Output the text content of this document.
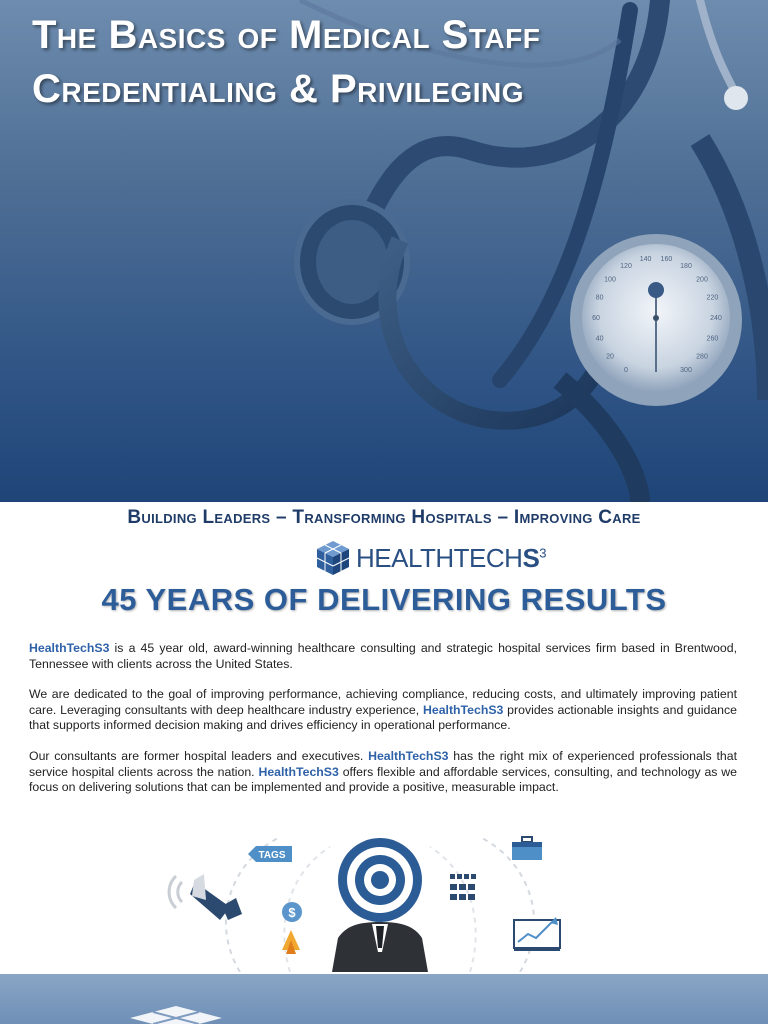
0
20
40
60
80
100
120
140 160
180
200
220
240
260
280
300
The Basics of Medical Staff
Credentialing & Privileging
Building Leaders – Transforming Hospitals – Improving Care
HEALTHTECHS$^3$
45 YEARS OF DELIVERING RESULTS

HealthTechS3 is a 45 year old, award-winning healthcare consulting and strategic hospital services firm based in Brentwood, Tennessee with clients across the United States.

We are dedicated to the goal of improving performance, achieving compliance, reducing costs, and ultimately improving patient care. Leveraging consultants with deep healthcare industry experience, HealthTechS3 provides actionable insights and guidance that supports informed decision making and drives efficiency in operational performance.

Our consultants are former hospital leaders and executives. HealthTechS3 has the right mix of experienced professionals that service hospital clients across the nation. HealthTechS3 offers flexible and affordable services, consulting, and technology as we focus on delivering solutions that can be implemented and provide a positive, measurable impact.

TAGS
$
